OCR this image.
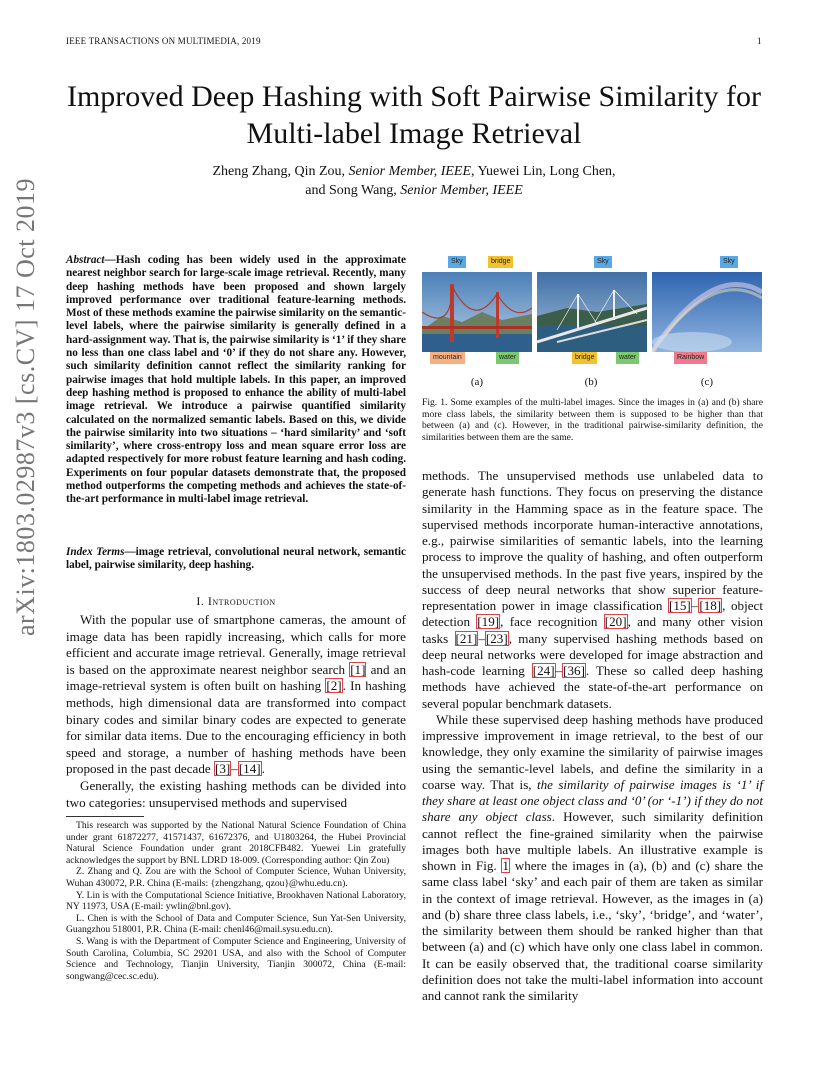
IEEE TRANSACTIONS ON MULTIMEDIA, 2019	1
arXiv:1803.02987v3 [cs.CV] 17 Oct 2019
Improved Deep Hashing with Soft Pairwise Similarity for Multi-label Image Retrieval
Zheng Zhang, Qin Zou, Senior Member, IEEE, Yuewei Lin, Long Chen,
and Song Wang, Senior Member, IEEE
Abstract—Hash coding has been widely used in the approximate nearest neighbor search for large-scale image retrieval. Recently, many deep hashing methods have been proposed and shown largely improved performance over traditional feature-learning methods. Most of these methods examine the pairwise similarity on the semantic-level labels, where the pairwise similarity is generally defined in a hard-assignment way. That is, the pairwise similarity is ‘1’ if they share no less than one class label and ‘0’ if they do not share any. However, such similarity definition cannot reflect the similarity ranking for pairwise images that hold multiple labels. In this paper, an improved deep hashing method is proposed to enhance the ability of multi-label image retrieval. We introduce a pairwise quantified similarity calculated on the normalized semantic labels. Based on this, we divide the pairwise similarity into two situations – ‘hard similarity’ and ‘soft similarity’, where cross-entropy loss and mean square error loss are adapted respectively for more robust feature learning and hash coding. Experiments on four popular datasets demonstrate that, the proposed method outperforms the competing methods and achieves the state-of-the-art performance in multi-label image retrieval.
Index Terms—image retrieval, convolutional neural network, semantic label, pairwise similarity, deep hashing.
I. Introduction

With the popular use of smartphone cameras, the amount of image data has been rapidly increasing, which calls for more efficient and accurate image retrieval. Generally, image retrieval is based on the approximate nearest neighbor search [1] and an image-retrieval system is often built on hashing [2]. In hashing methods, high dimensional data are transformed into compact binary codes and similar binary codes are expected to generate for similar data items. Due to the encouraging efficiency in both speed and storage, a number of hashing methods have been proposed in the past decade [3]–[14].

Generally, the existing hashing methods can be divided into two categories: unsupervised methods and supervised

This research was supported by the National Natural Science Foundation of China under grant 61872277, 41571437, 61672376, and U1803264, the Hubei Provincial Natural Science Foundation under grant 2018CFB482. Yuewei Lin gratefully acknowledges the support by BNL LDRD 18-009. (Corresponding author: Qin Zou)

Z. Zhang and Q. Zou are with the School of Computer Science, Wuhan University, Wuhan 430072, P.R. China (E-mails: {zhengzhang, qzou}@whu.edu.cn).

Y. Lin is with the Computational Science Initiative, Brookhaven National Laboratory, NY 11973, USA (E-mail: ywlin@bnl.gov).

L. Chen is with the School of Data and Computer Science, Sun Yat-Sen University, Guangzhou 518001, P.R. China (E-mail: chenl46@mail.sysu.edu.cn).

S. Wang is with the Department of Computer Science and Engineering, University of South Carolina, Columbia, SC 29201 USA, and also with the School of Computer Science and Technology, Tianjin University, Tianjin 300072, China (E-mail: songwang@cec.sc.edu).

Sky	bridge
mountain	water
(a)
Sky
bridge	water
(b)
Sky
Rainbow
(c)
Fig. 1. Some examples of the multi-label images. Since the images in (a) and (b) share more class labels, the similarity between them is supposed to be higher than that between (a) and (c). However, in the traditional pairwise-similarity definition, the similarities between them are the same.

methods. The unsupervised methods use unlabeled data to generate hash functions. They focus on preserving the distance similarity in the Hamming space as in the feature space. The supervised methods incorporate human-interactive annotations, e.g., pairwise similarities of semantic labels, into the learning process to improve the quality of hashing, and often outperform the unsupervised methods. In the past five years, inspired by the success of deep neural networks that show superior feature-representation power in image classification [15]–[18], object detection [19], face recognition [20], and many other vision tasks [21]–[23], many supervised hashing methods based on deep neural networks were developed for image abstraction and hash-code learning [24]–[36]. These so called deep hashing methods have achieved the state-of-the-art performance on several popular benchmark datasets.

While these supervised deep hashing methods have produced impressive improvement in image retrieval, to the best of our knowledge, they only examine the similarity of pairwise images using the semantic-level labels, and define the similarity in a coarse way. That is, the similarity of pairwise images is ‘1’ if they share at least one object class and ‘0’ (or ‘-1’) if they do not share any object class. However, such similarity definition cannot reflect the fine-grained similarity when the pairwise images both have multiple labels. An illustrative example is shown in Fig. 1 where the images in (a), (b) and (c) share the same class label ‘sky’ and each pair of them are taken as similar in the context of image retrieval. However, as the images in (a) and (b) share three class labels, i.e., ‘sky’, ‘bridge’, and ‘water’, the similarity between them should be ranked higher than that between (a) and (c) which have only one class label in common. It can be easily observed that, the traditional coarse similarity definition does not take the multi-label information into account and cannot rank the similarity
